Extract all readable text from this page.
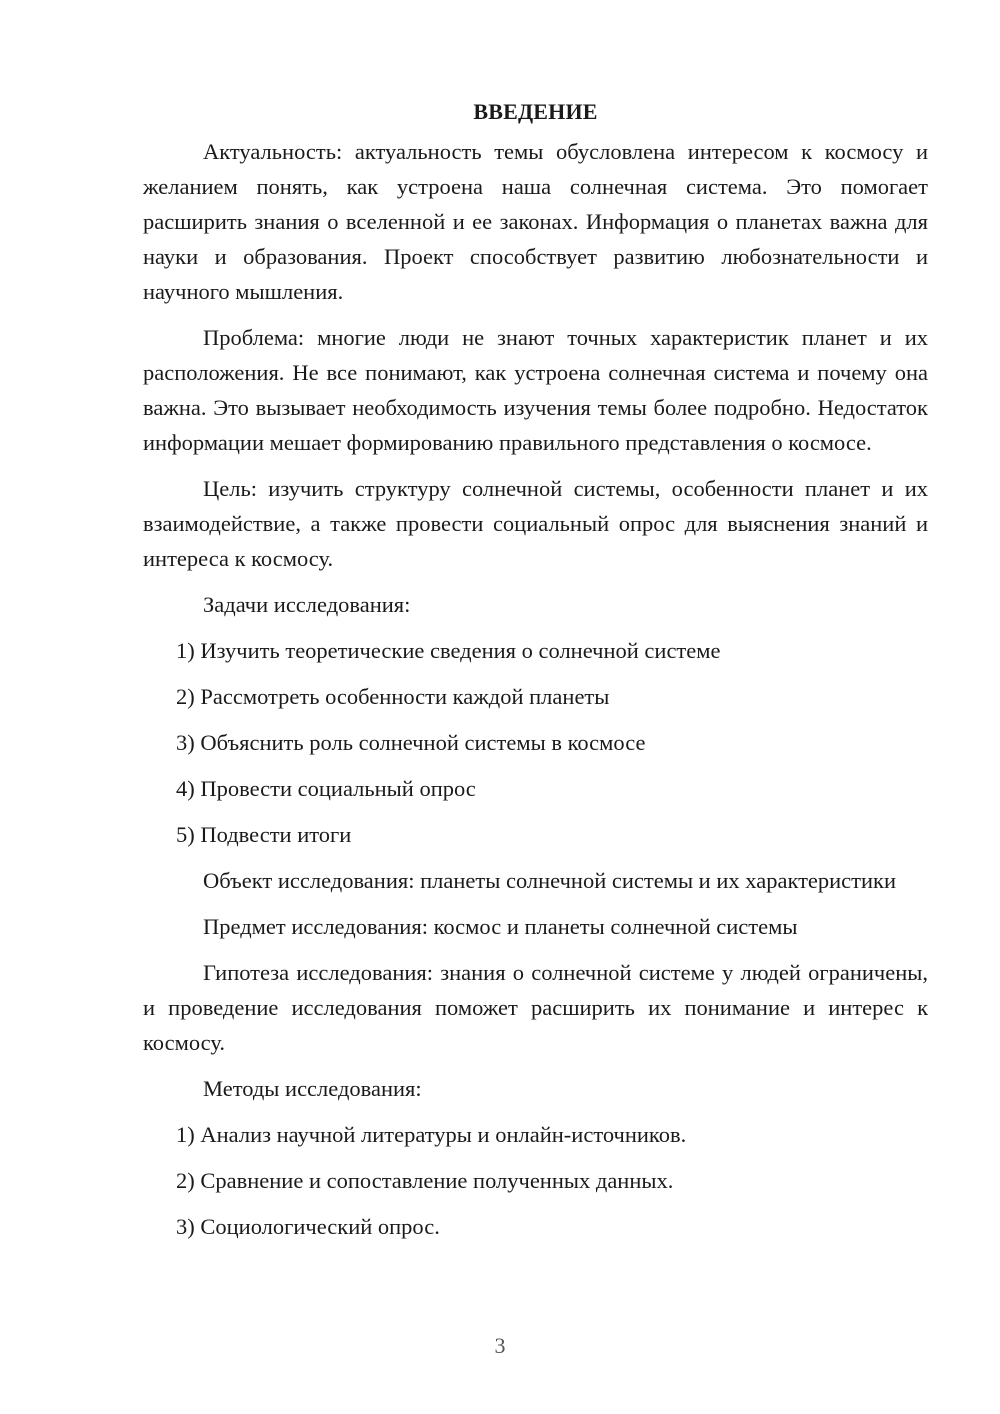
ВВЕДЕНИЕ

Актуальность: актуальность темы обусловлена интересом к космосу и желанием понять, как устроена наша солнечная система. Это помогает расширить знания о вселенной и ее законах. Информация о планетах важна для науки и образования. Проект способствует развитию любознательности и научного мышления.

Проблема: многие люди не знают точных характеристик планет и их расположения. Не все понимают, как устроена солнечная система и почему она важна. Это вызывает необходимость изучения темы более подробно. Недостаток информации мешает формированию правильного представления о космосе.

Цель: изучить структуру солнечной системы, особенности планет и их взаимодействие, а также провести социальный опрос для выяснения знаний и интереса к космосу.

Задачи исследования:
1) Изучить теоретические сведения о солнечной системе
2) Рассмотреть особенности каждой планеты
3) Объяснить роль солнечной системы в космосе
4) Провести социальный опрос
5) Подвести итоги

Объект исследования: планеты солнечной системы и их характеристики

Предмет исследования: космос и планеты солнечной системы

Гипотеза исследования: знания о солнечной системе у людей ограничены, и проведение исследования поможет расширить их понимание и интерес к космосу.

Методы исследования:
1) Анализ научной литературы и онлайн-источников.
2) Сравнение и сопоставление полученных данных.
3) Социологический опрос.
3
